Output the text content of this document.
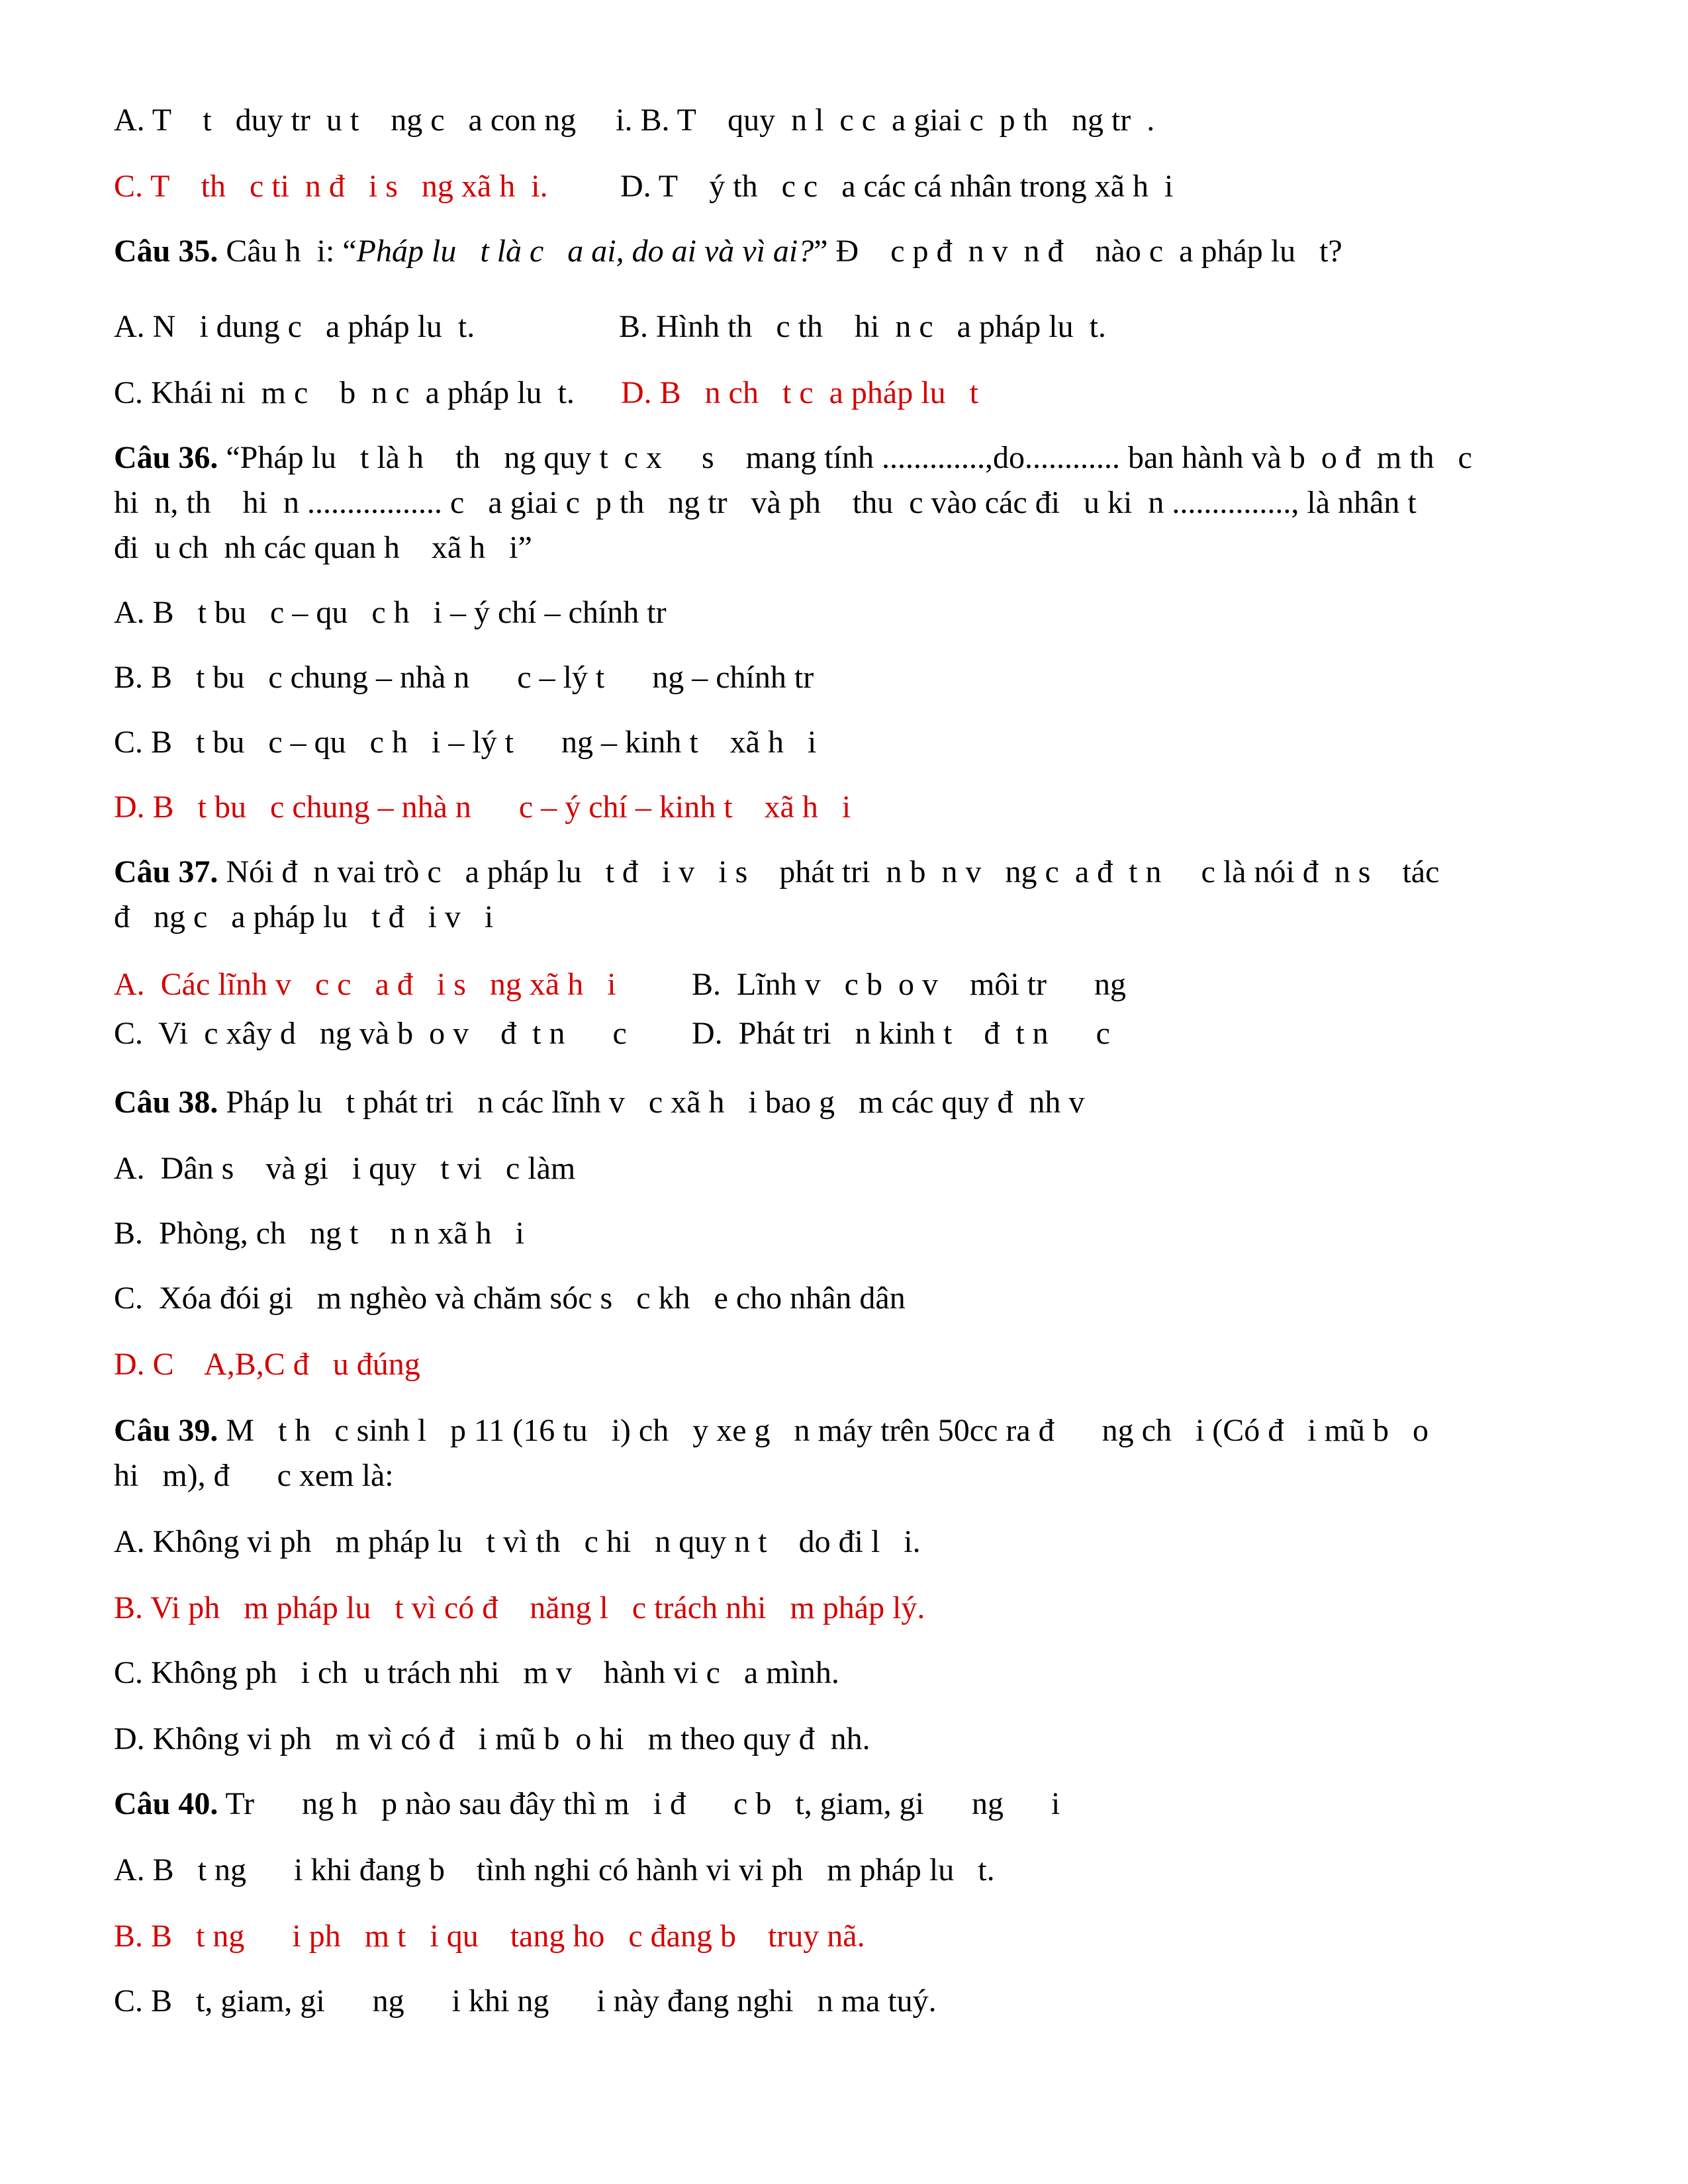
A. T    t   duy tr  u t    ng c   a con ng     i. B. T    quy  n l  c c  a giai c  p th   ng tr  .
C. T    th   c ti  n đ   i s   ng xã h  i. D. T    ý th   c c   a các cá nhân trong xã h  i
Câu 35. Câu h  i: “Pháp lu   t là c   a ai, do ai và vì ai?” Đ    c p đ  n v  n đ    nào c  a pháp lu   t?
A. N   i dung c   a pháp lu  t.	B. Hình th   c th    hi  n c   a pháp lu  t.
C. Khái ni  m c    b  n c  a pháp lu  t. D. B   n ch   t c  a pháp lu   t
Câu 36. “Pháp lu   t là h    th   ng quy t  c x     s    mang tính .............,do............ ban hành và b  o đ  m th   c
hi  n, th    hi  n ................. c   a giai c  p th   ng tr   và ph    thu  c vào các đi   u ki  n ..............., là nhân t
đi  u ch  nh các quan h    xã h   i”
A. B   t bu   c – qu   c h   i – ý chí – chính tr
B. B   t bu   c chung – nhà n      c – lý t      ng – chính tr
C. B   t bu   c – qu   c h   i – lý t      ng – kinh t    xã h   i
D. B   t bu   c chung – nhà n      c – ý chí – kinh t    xã h   i
Câu 37. Nói đ  n vai trò c   a pháp lu   t đ   i v   i s    phát tri  n b  n v   ng c  a đ  t n     c là nói đ  n s    tác
đ   ng c   a pháp lu   t đ   i v   i
A.  Các lĩnh v   c c   a đ   i s   ng xã h   i B.  Lĩnh v   c b  o v    môi tr      ng
C.  Vi  c xây d   ng và b  o v    đ  t n      c D.  Phát tri   n kinh t    đ  t n      c
Câu 38. Pháp lu   t phát tri   n các lĩnh v   c xã h   i bao g   m các quy đ  nh v
A.  Dân s    và gi   i quy   t vi   c làm
B.  Phòng, ch   ng t    n n xã h   i
C.  Xóa đói gi   m nghèo và chăm sóc s   c kh   e cho nhân dân
D. C    A,B,C đ   u đúng
Câu 39. M   t h   c sinh l   p 11 (16 tu   i) ch   y xe g   n máy trên 50cc ra đ      ng ch   i (Có đ   i mũ b   o
hi   m), đ      c xem là:
A. Không vi ph   m pháp lu   t vì th   c hi   n quy n t    do đi l   i.
B. Vi ph   m pháp lu   t vì có đ    năng l   c trách nhi   m pháp lý.
C. Không ph   i ch  u trách nhi   m v    hành vi c   a mình.
D. Không vi ph   m vì có đ   i mũ b  o hi   m theo quy đ  nh.
Câu 40. Tr      ng h   p nào sau đây thì m   i đ      c b   t, giam, gi      ng      i
A. B   t ng      i khi đang b    tình nghi có hành vi vi ph   m pháp lu   t.
B. B   t ng      i ph   m t   i qu    tang ho   c đang b    truy nã.
C. B   t, giam, gi      ng      i khi ng      i này đang nghi   n ma tuý.
